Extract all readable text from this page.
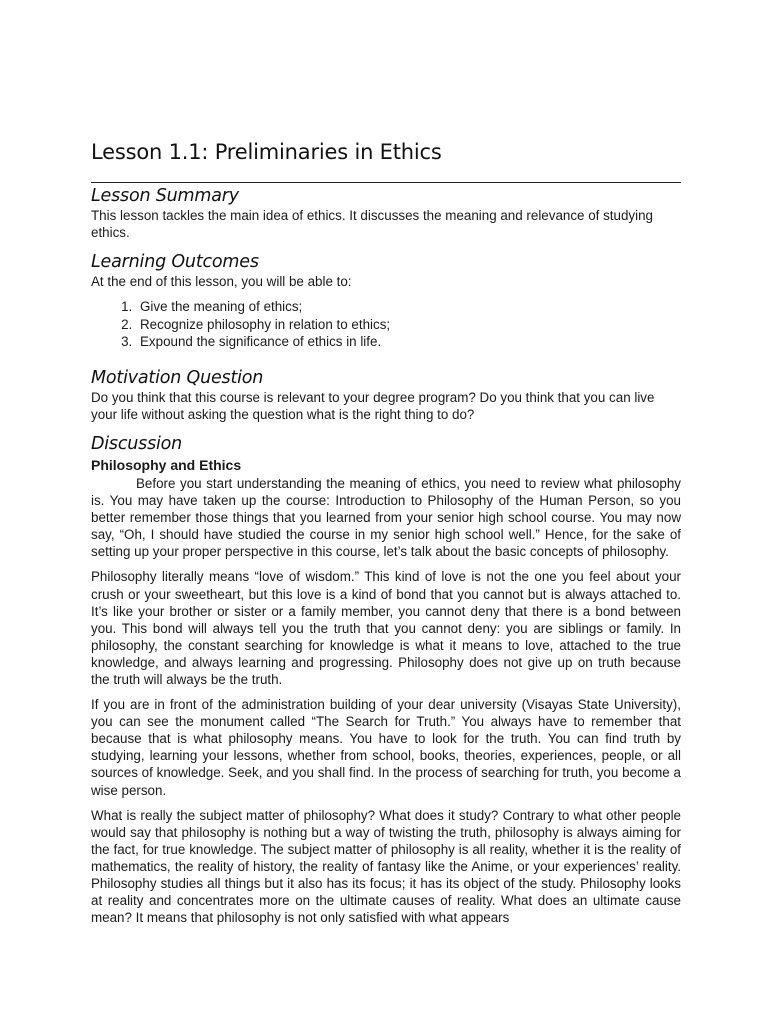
Lesson 1.1: Preliminaries in Ethics
Lesson Summary

This lesson tackles the main idea of ethics. It discusses the meaning and relevance of studying ethics.

Learning Outcomes

At the end of this lesson, you will be able to:

1. Give the meaning of ethics;
2. Recognize philosophy in relation to ethics;
3. Expound the significance of ethics in life.
Motivation Question

Do you think that this course is relevant to your degree program? Do you think that you can live your life without asking the question what is the right thing to do?

Discussion
Philosophy and Ethics

Before you start understanding the meaning of ethics, you need to review what philosophy is. You may have taken up the course: Introduction to Philosophy of the Human Person, so you better remember those things that you learned from your senior high school course. You may now say, “Oh, I should have studied the course in my senior high school well.” Hence, for the sake of setting up your proper perspective in this course, let’s talk about the basic concepts of philosophy.

Philosophy literally means “love of wisdom.” This kind of love is not the one you feel about your crush or your sweetheart, but this love is a kind of bond that you cannot but is always attached to. It’s like your brother or sister or a family member, you cannot deny that there is a bond between you. This bond will always tell you the truth that you cannot deny: you are siblings or family. In philosophy, the constant searching for knowledge is what it means to love, attached to the true knowledge, and always learning and progressing. Philosophy does not give up on truth because the truth will always be the truth.

If you are in front of the administration building of your dear university (Visayas State University), you can see the monument called “The Search for Truth.” You always have to remember that because that is what philosophy means. You have to look for the truth. You can find truth by studying, learning your lessons, whether from school, books, theories, experiences, people, or all sources of knowledge. Seek, and you shall find. In the process of searching for truth, you become a wise person.

What is really the subject matter of philosophy? What does it study? Contrary to what other people would say that philosophy is nothing but a way of twisting the truth, philosophy is always aiming for the fact, for true knowledge. The subject matter of philosophy is all reality, whether it is the reality of mathematics, the reality of history, the reality of fantasy like the Anime, or your experiences’ reality. Philosophy studies all things but it also has its focus; it has its object of the study. Philosophy looks at reality and concentrates more on the ultimate causes of reality. What does an ultimate cause mean? It means that philosophy is not only satisfied with what appears
